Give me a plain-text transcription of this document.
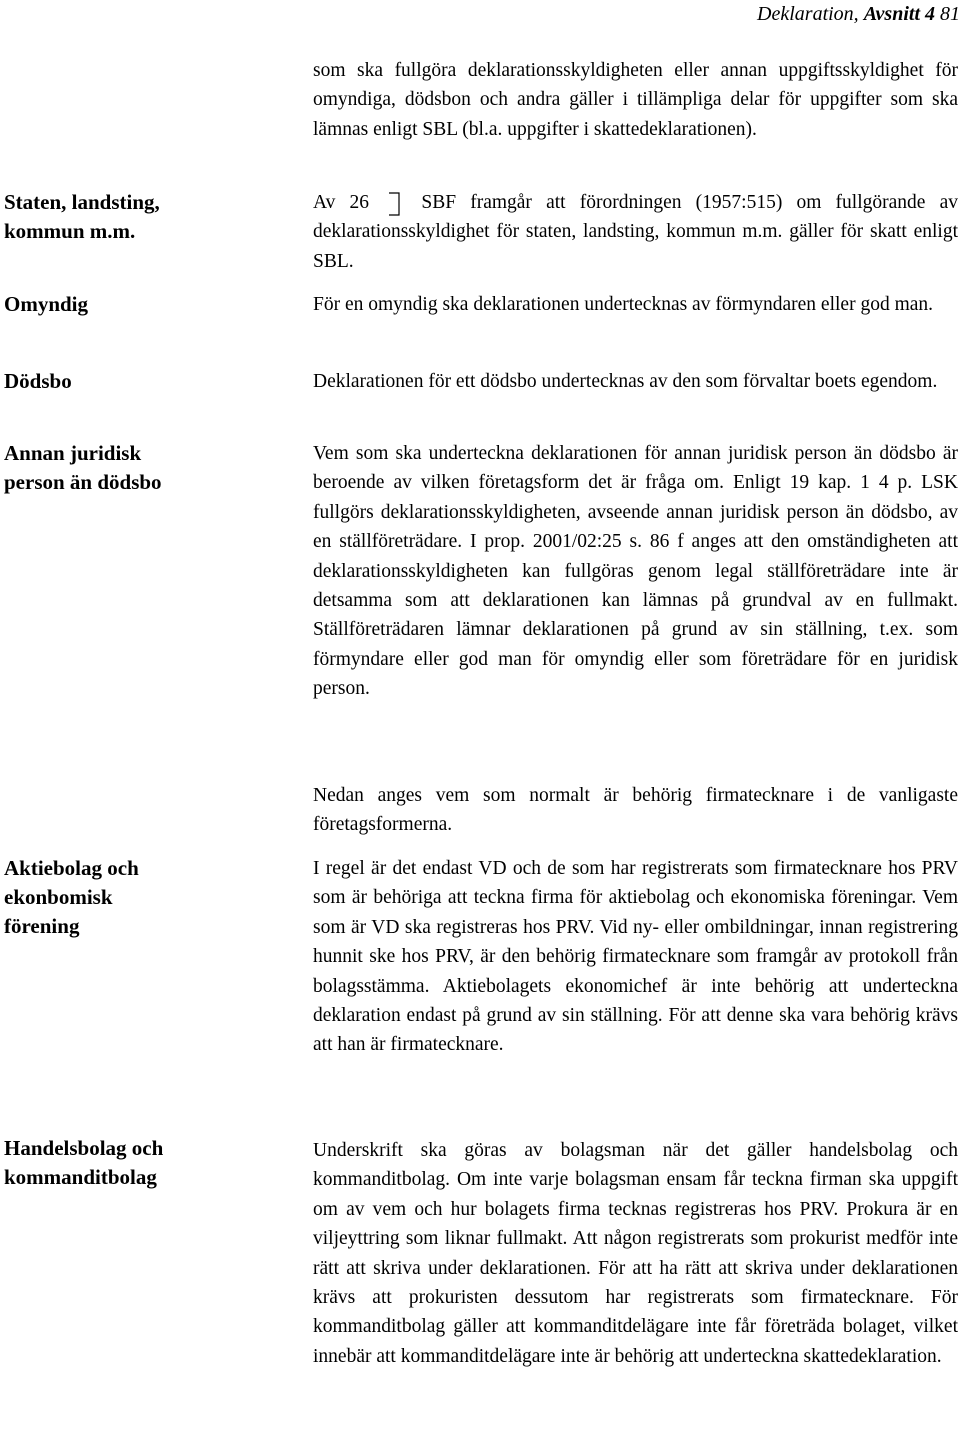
Deklaration, Avsnitt 4 81
Staten, landsting,
kommun m.m.
Omyndig
Dödsbo
Annan juridisk
person än dödsbo
Aktiebolag och
ekonbomisk
förening
Handelsbolag och
kommanditbolag

som ska fullgöra deklarationsskyldigheten eller annan uppgiftsskyldighet för omyndiga, dödsbon och andra gäller i tillämpliga delar för uppgifter som ska lämnas enligt SBL (bl.a. uppgifter i skattedeklarationen).

Av 26	SBF framgår att förordningen (1957:515) om fullgörande av deklarationsskyldighet för staten, landsting, kommun m.m. gäller för skatt enligt SBL.

För en omyndig ska deklarationen undertecknas av förmyndaren eller god man.

Deklarationen för ett dödsbo undertecknas av den som förvaltar boets egendom.

Vem som ska underteckna deklarationen för annan juridisk person än dödsbo är beroende av vilken företagsform det är fråga om. Enligt 19 kap. 1 4 p. LSK fullgörs deklarationsskyldigheten, avseende annan juridisk person än dödsbo, av en ställföreträdare. I prop. 2001/02:25 s. 86 f anges att den omständigheten att deklarationsskyldigheten kan fullgöras genom legal ställföreträdare inte är detsamma som att deklarationen kan lämnas på grundval av en fullmakt. Ställföreträdaren lämnar deklarationen på grund av sin ställning, t.ex. som förmyndare eller god man för omyndig eller som företrädare för en juridisk person.

Nedan anges vem som normalt är behörig firmatecknare i de vanligaste företagsformerna.

I regel är det endast VD och de som har registrerats som firmatecknare hos PRV som är behöriga att teckna firma för aktiebolag och ekonomiska föreningar. Vem som är VD ska registreras hos PRV. Vid ny- eller ombildningar, innan registrering hunnit ske hos PRV, är den behörig firmatecknare som framgår av protokoll från bolagsstämma. Aktiebolagets ekonomichef är inte behörig att underteckna deklaration endast på grund av sin ställning. För att denne ska vara behörig krävs att han är firmatecknare.

Underskrift ska göras av bolagsman när det gäller handelsbolag och kommanditbolag. Om inte varje bolagsman ensam får teckna firman ska uppgift om av vem och hur bolagets firma tecknas registreras hos PRV. Prokura är en viljeyttring som liknar fullmakt. Att någon registrerats som prokurist medför inte rätt att skriva under deklarationen. För att ha rätt att skriva under deklarationen krävs att prokuristen dessutom har registrerats som firmatecknare. För kommanditbolag gäller att kommanditdelägare inte får företräda bolaget, vilket innebär att kommanditdelägare inte är behörig att underteckna skattedeklaration.
